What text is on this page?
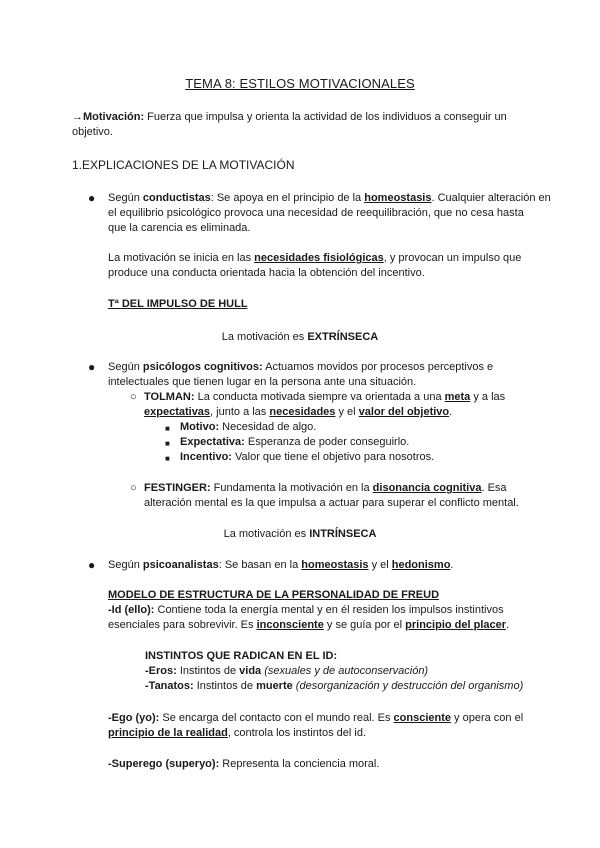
TEMA 8: ESTILOS MOTIVACIONALES
→Motivación: Fuerza que impulsa y orienta la actividad de los individuos a conseguir un
objetivo.
1.EXPLICACIONES DE LA MOTIVACIÓN
● Según conductistas: Se apoya en el principio de la homeostasis. Cualquier alteración en
el equilibrio psicológico provoca una necesidad de reequilibración, que no cesa hasta
que la carencia es eliminada.
La motivación se inicia en las necesidades fisiológicas, y provocan un impulso que
produce una conducta orientada hacia la obtención del incentivo.
Tª DEL IMPULSO DE HULL
La motivación es EXTRÍNSECA
● Según psicólogos cognitivos: Actuamos movidos por procesos perceptivos e
intelectuales que tienen lugar en la persona ante una situación.
○ TOLMAN: La conducta motivada siempre va orientada a una meta y a las
expectativas, junto a las necesidades y el valor del objetivo.
■ Motivo: Necesidad de algo.
■ Expectativa: Esperanza de poder conseguirlo.
■ Incentivo: Valor que tiene el objetivo para nosotros.
○ FESTINGER: Fundamenta la motivación en la disonancia cognitiva. Esa
alteración mental es la que impulsa a actuar para superar el conflicto mental.
La motivación es INTRÍNSECA
● Según psicoanalistas: Se basan en la homeostasis y el hedonismo.
MODELO DE ESTRUCTURA DE LA PERSONALIDAD DE FREUD
-Id (ello): Contiene toda la energía mental y en él residen los impulsos instintivos
esenciales para sobrevivir. Es inconsciente y se guía por el principio del placer.
INSTINTOS QUE RADICAN EN EL ID:
-Eros: Instintos de vida (sexuales y de autoconservación)
-Tanatos: Instintos de muerte (desorganización y destrucción del organismo)
-Ego (yo): Se encarga del contacto con el mundo real. Es consciente y opera con el
principio de la realidad, controla los instintos del id.
-Superego (superyo): Representa la conciencia moral.
